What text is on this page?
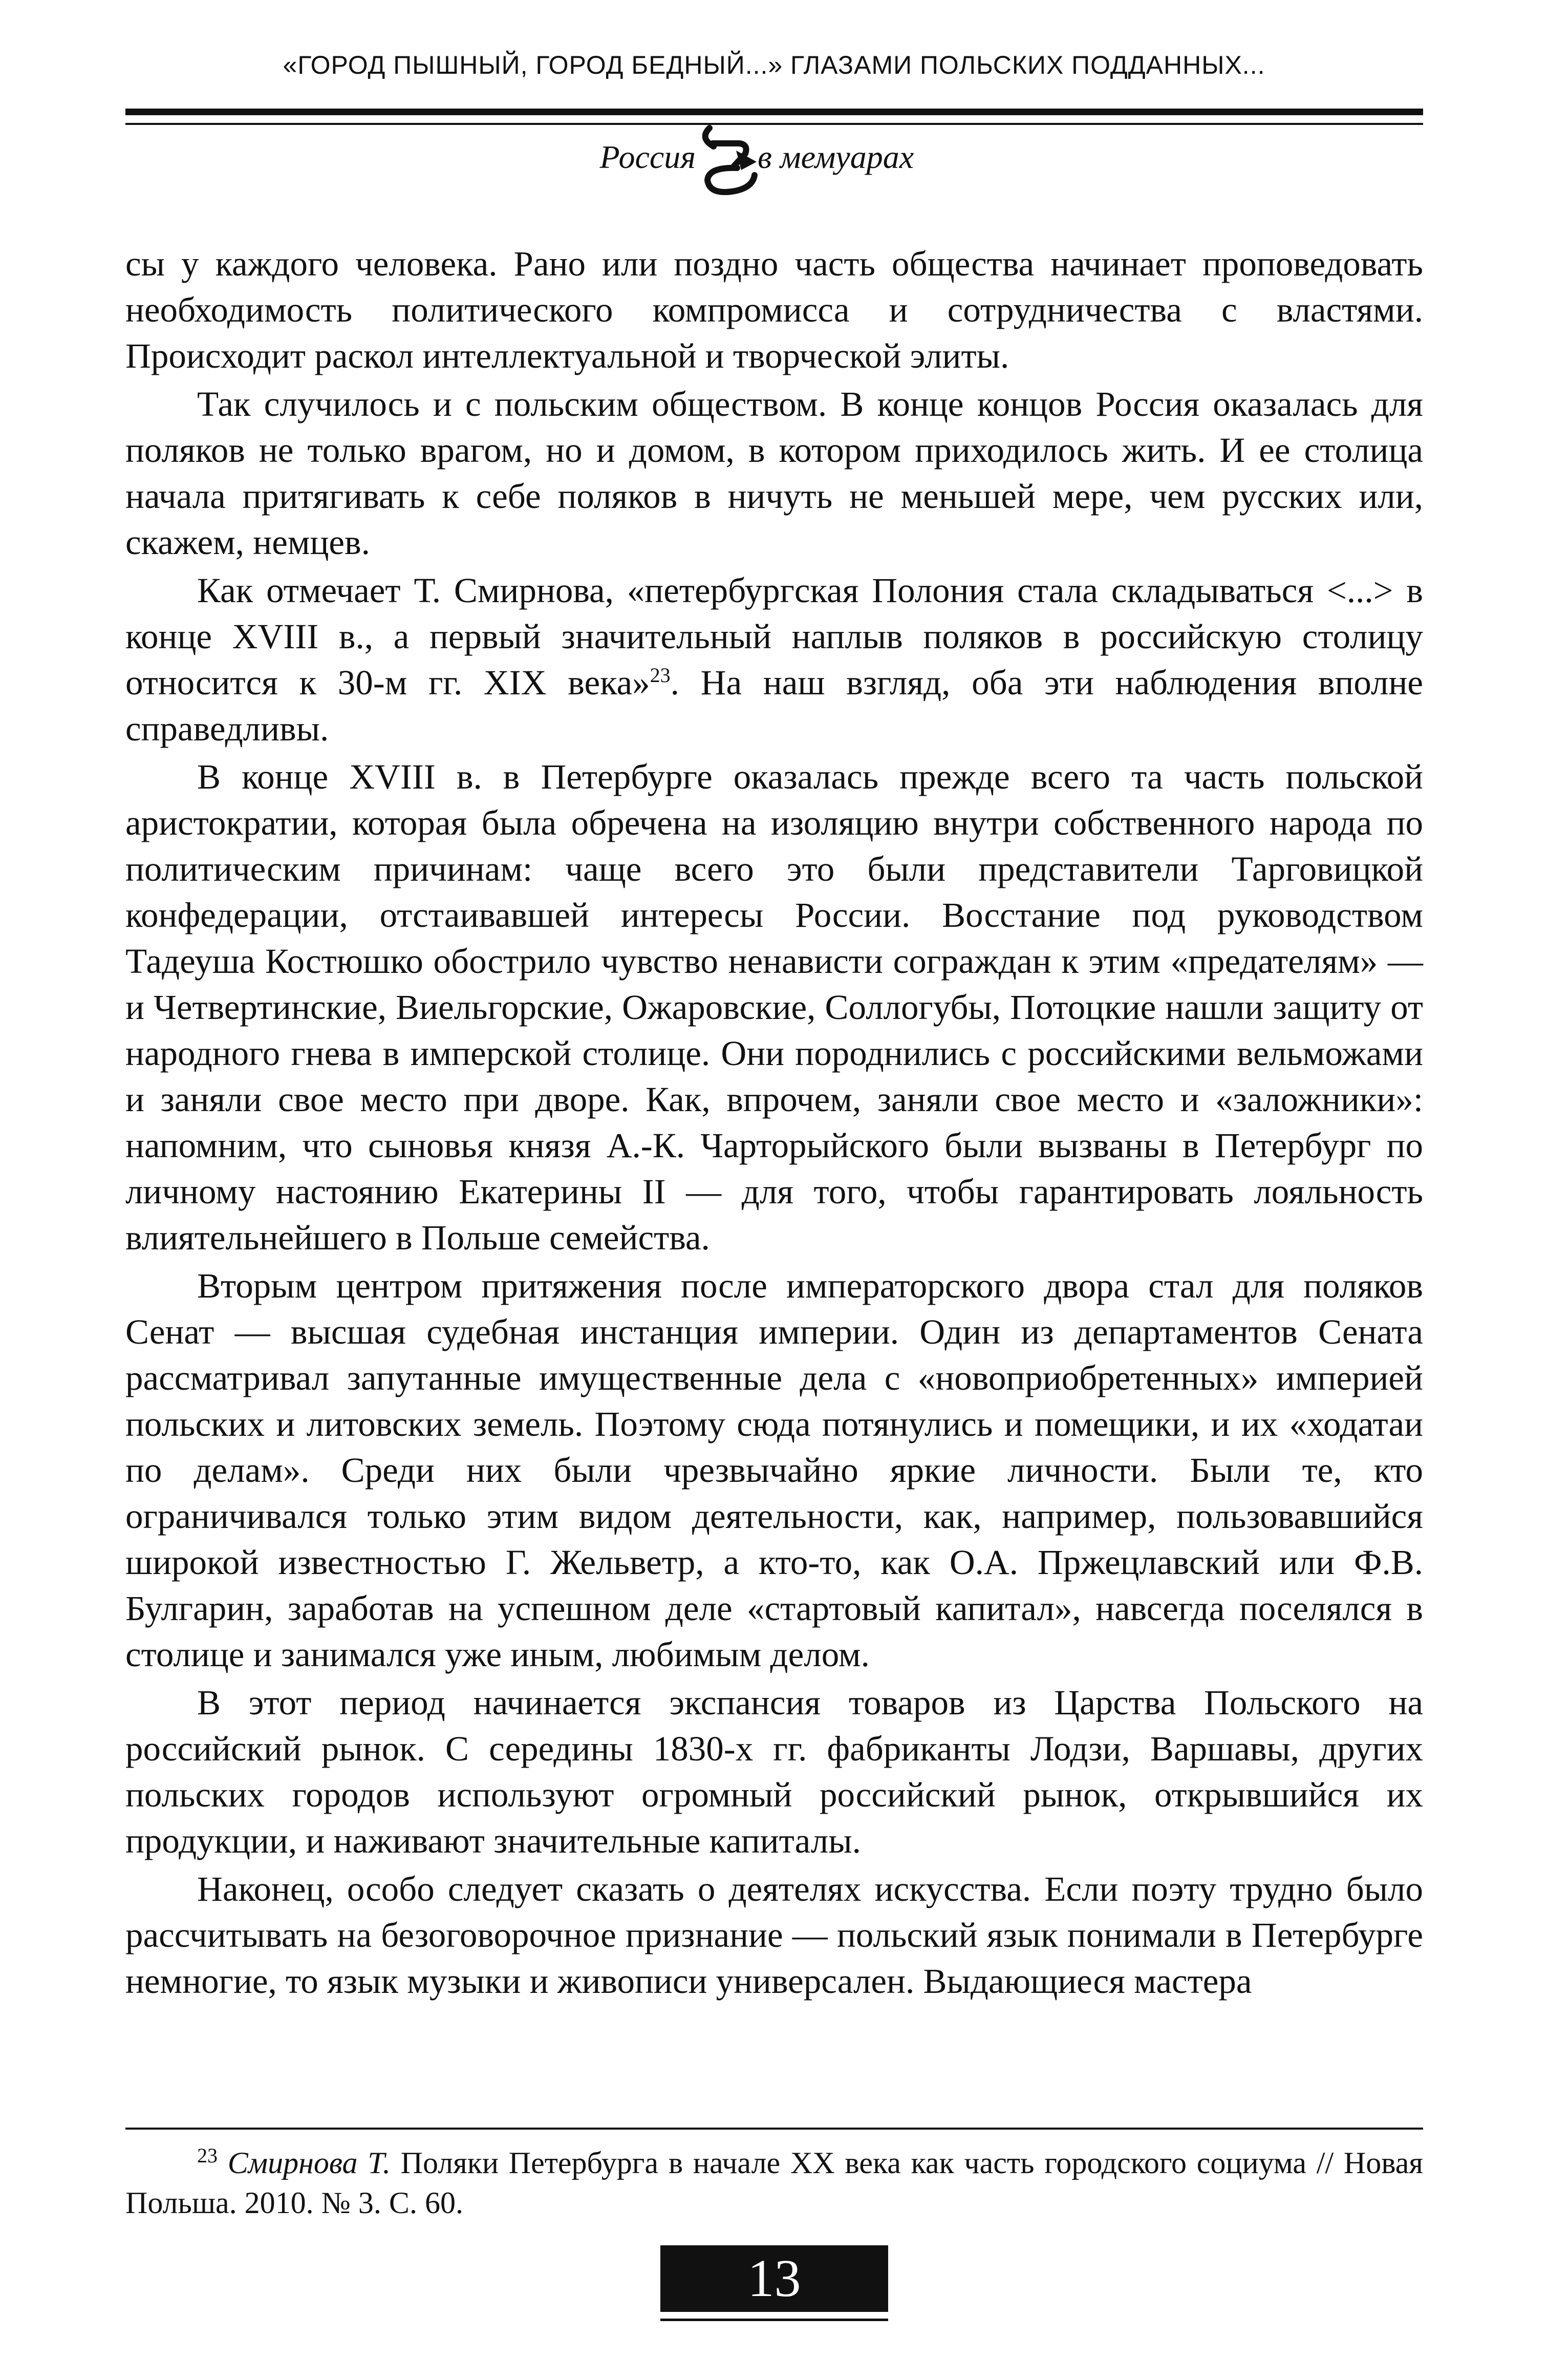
«ГОРОД ПЫШНЫЙ, ГОРОД БЕДНЫЙ...» ГЛАЗАМИ ПОЛЬСКИХ ПОДДАННЫХ...
Россия в мемуарах

сы у каждого человека. Рано или поздно часть общества начинает проповедовать необходимость политического компромисса и сотрудничества с властями. Происходит раскол интеллектуальной и творческой элиты.

Так случилось и с польским обществом. В конце концов Россия оказалась для поляков не только врагом, но и домом, в котором приходилось жить. И ее столица начала притягивать к себе поляков в ничуть не меньшей мере, чем русских или, скажем, немцев.

Как отмечает Т. Смирнова, «петербургская Полония стала складываться <...> в конце XVIII в., а первый значительный наплыв поляков в российскую столицу относится к 30-м гг. XIX века»$^{23}$. На наш взгляд, оба эти наблюдения вполне справедливы.

В конце XVIII в. в Петербурге оказалась прежде всего та часть польской аристократии, которая была обречена на изоляцию внутри собственного народа по политическим причинам: чаще всего это были представители Тарговицкой конфедерации, отстаивавшей интересы России. Восстание под руководством Тадеуша Костюшко обострило чувство ненависти сограждан к этим «предателям» — и Четвертинские, Виельгорские, Ожаровские, Соллогубы, Потоцкие нашли защиту от народного гнева в имперской столице. Они породнились с российскими вельможами и заняли свое место при дворе. Как, впрочем, заняли свое место и «заложники»: напомним, что сыновья князя А.-К. Чарторыйского были вызваны в Петербург по личному настоянию Екатерины II — для того, чтобы гарантировать лояльность влиятельнейшего в Польше семейства.

Вторым центром притяжения после императорского двора стал для поляков Сенат — высшая судебная инстанция империи. Один из департаментов Сената рассматривал запутанные имущественные дела с «новоприобретенных» империей польских и литовских земель. Поэтому сюда потянулись и помещики, и их «ходатаи по делам». Среди них были чрезвычайно яркие личности. Были те, кто ограничивался только этим видом деятельности, как, например, пользовавшийся широкой известностью Г. Жельветр, а кто-то, как О.А. Пржецлавский или Ф.В. Булгарин, заработав на успешном деле «стартовый капитал», навсегда поселялся в столице и занимался уже иным, любимым делом.

В этот период начинается экспансия товаров из Царства Польского на российский рынок. С середины 1830-х гг. фабриканты Лодзи, Варшавы, других польских городов используют огромный российский рынок, открывшийся их продукции, и наживают значительные капиталы.

Наконец, особо следует сказать о деятелях искусства. Если поэту трудно было рассчитывать на безоговорочное признание — польский язык понимали в Петербурге немногие, то язык музыки и живописи универсален. Выдающиеся мастера

$^{23}$ Смирнова Т. Поляки Петербурга в начале XX века как часть городского социума // Новая Польша. 2010. № 3. С. 60.
13
